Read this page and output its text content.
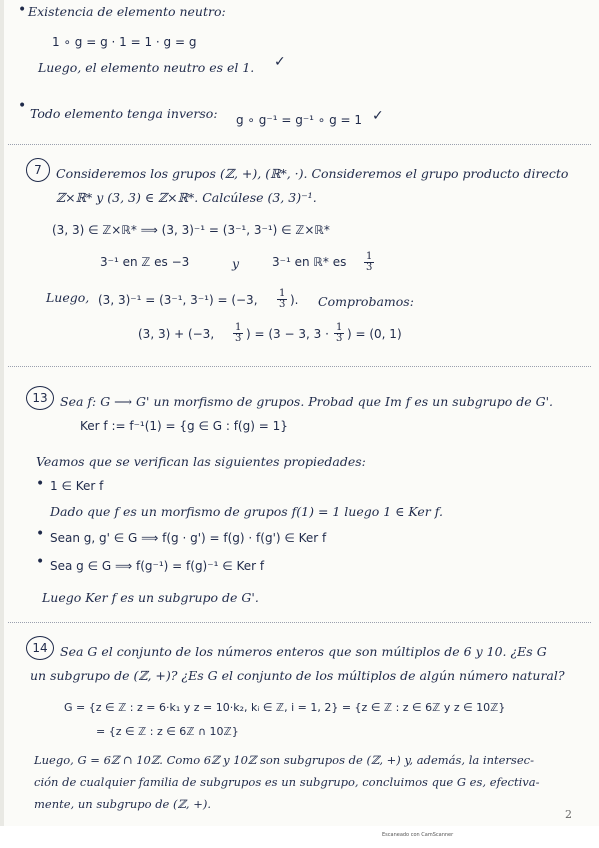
• Existencia de elemento neutro:
1 ∘ g = g · 1 = 1 · g = g
Luego, el elemento neutro es el 1. ✓
• Todo elemento tenga inverso: g ∘ g⁻¹ = g⁻¹ ∘ g = 1 ✓
7	Consideremos los grupos (ℤ, +), (ℝ*, ·). Consideremos el grupo producto directo
ℤ×ℝ* y (3, 3) ∈ ℤ×ℝ*. Calcúlese (3, 3)⁻¹.
(3, 3) ∈ ℤ×ℝ* ⟹ (3, 3)⁻¹ = (3⁻¹, 3⁻¹) ∈ ℤ×ℝ*
3⁻¹ en ℤ es −3	y	3⁻¹ en ℝ* es $\frac{1}{3}$
Luego, (3, 3)⁻¹ = (3⁻¹, 3⁻¹) = (−3, $\frac{1}{3}$ ). Comprobamos:
(3, 3) + (−3, $\frac{1}{3}$ ) = (3 − 3, $3 \cdot \frac{1}{3}$ ) = (0, 1)
13 Sea f: G ⟶ G' un morfismo de grupos. Probad que Im f es un subgrupo de G'.
Ker f := f⁻¹(1) = {g ∈ G : f(g) = 1}
Veamos que se verifican las siguientes propiedades:
• 1 ∈ Ker f
Dado que f es un morfismo de grupos f(1) = 1 luego 1 ∈ Ker f.
• Sean g, g' ∈ G ⟹ f(g · g') = f(g) · f(g') ∈ Ker f
• Sea g ∈ G ⟹ f(g⁻¹) = f(g)⁻¹ ∈ Ker f
Luego Ker f es un subgrupo de G'.
14 Sea G el conjunto de los números enteros que son múltiplos de 6 y 10. ¿Es G
un subgrupo de (ℤ, +)? ¿Es G el conjunto de los múltiplos de algún número natural?
G = {z ∈ ℤ : z = 6·k₁ y z = 10·k₂, kᵢ ∈ ℤ, i = 1, 2} = {z ∈ ℤ : z ∈ 6ℤ y z ∈ 10ℤ}
= {z ∈ ℤ : z ∈ 6ℤ ∩ 10ℤ}
Luego, G = 6ℤ ∩ 10ℤ. Como 6ℤ y 10ℤ son subgrupos de (ℤ, +) y, además, la intersec-
ción de cualquier familia de subgrupos es un subgrupo, concluimos que G es, efectiva-
mente, un subgrupo de (ℤ, +).
2
Escaneado con CamScanner
